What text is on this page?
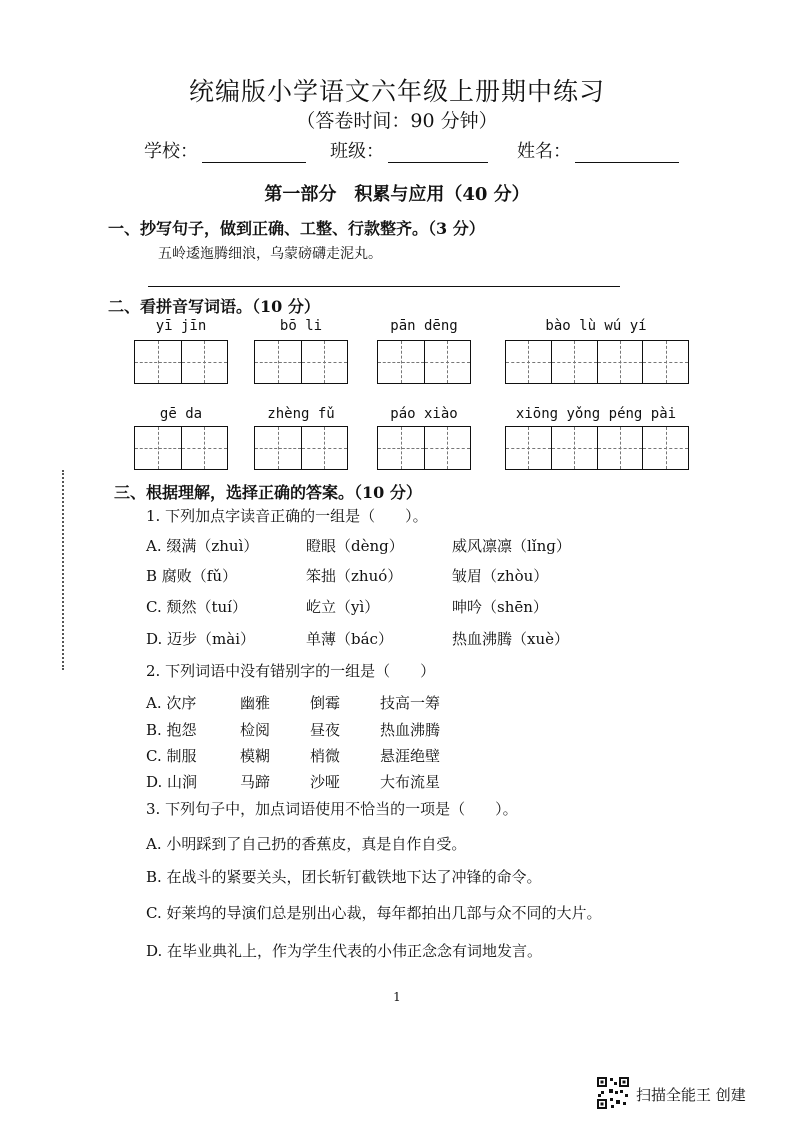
统编版小学语文六年级上册期中练习
（答卷时间：90 分钟）
学校：	班级：	姓名：
第一部分　积累与应用（40 分）
一、抄写句子，做到正确、工整、行款整齐。（3 分）
五岭逶迤腾细浪，乌蒙磅礴走泥丸。
二、看拼音写词语。（10 分）
yī jīn	bō li	pān dēng	bào lù wú yí
gē da	zhèng fǔ	páo xiào	xiōng yǒng péng pài
三、根据理解，选择正确的答案。（10 分）
1. 下列加点字读音正确的一组是（　　）。
A. 缀满（zhuì）	瞪眼（dèng）	威风凛凛（lǐnɡ）
B 腐败（fǔ）	笨拙（zhuó）	皱眉（zhòu）
C. 颓然（tuí）	屹立（yì）	呻吟（shēn）
D. 迈步（mài）	单薄（bác）	热血沸腾（xuè）
2. 下列词语中没有错别字的一组是（　　）
A. 次序	幽雅	倒霉	技高一筹
B. 抱怨	检阅	昼夜	热血沸腾
C. 制服	模糊	梢微	悬涯绝壁
D. 山涧	马蹄	沙哑	大布流星
3. 下列句子中，加点词语使用不恰当的一项是（　　）。
A. 小明踩到了自己扔的香蕉皮，真是自作自受。
B. 在战斗的紧要关头，团长斩钉截铁地下达了冲锋的命令。
C. 好莱坞的导演们总是别出心裁，每年都拍出几部与众不同的大片。
D. 在毕业典礼上，作为学生代表的小伟正念念有词地发言。
1
扫描全能王 创建
